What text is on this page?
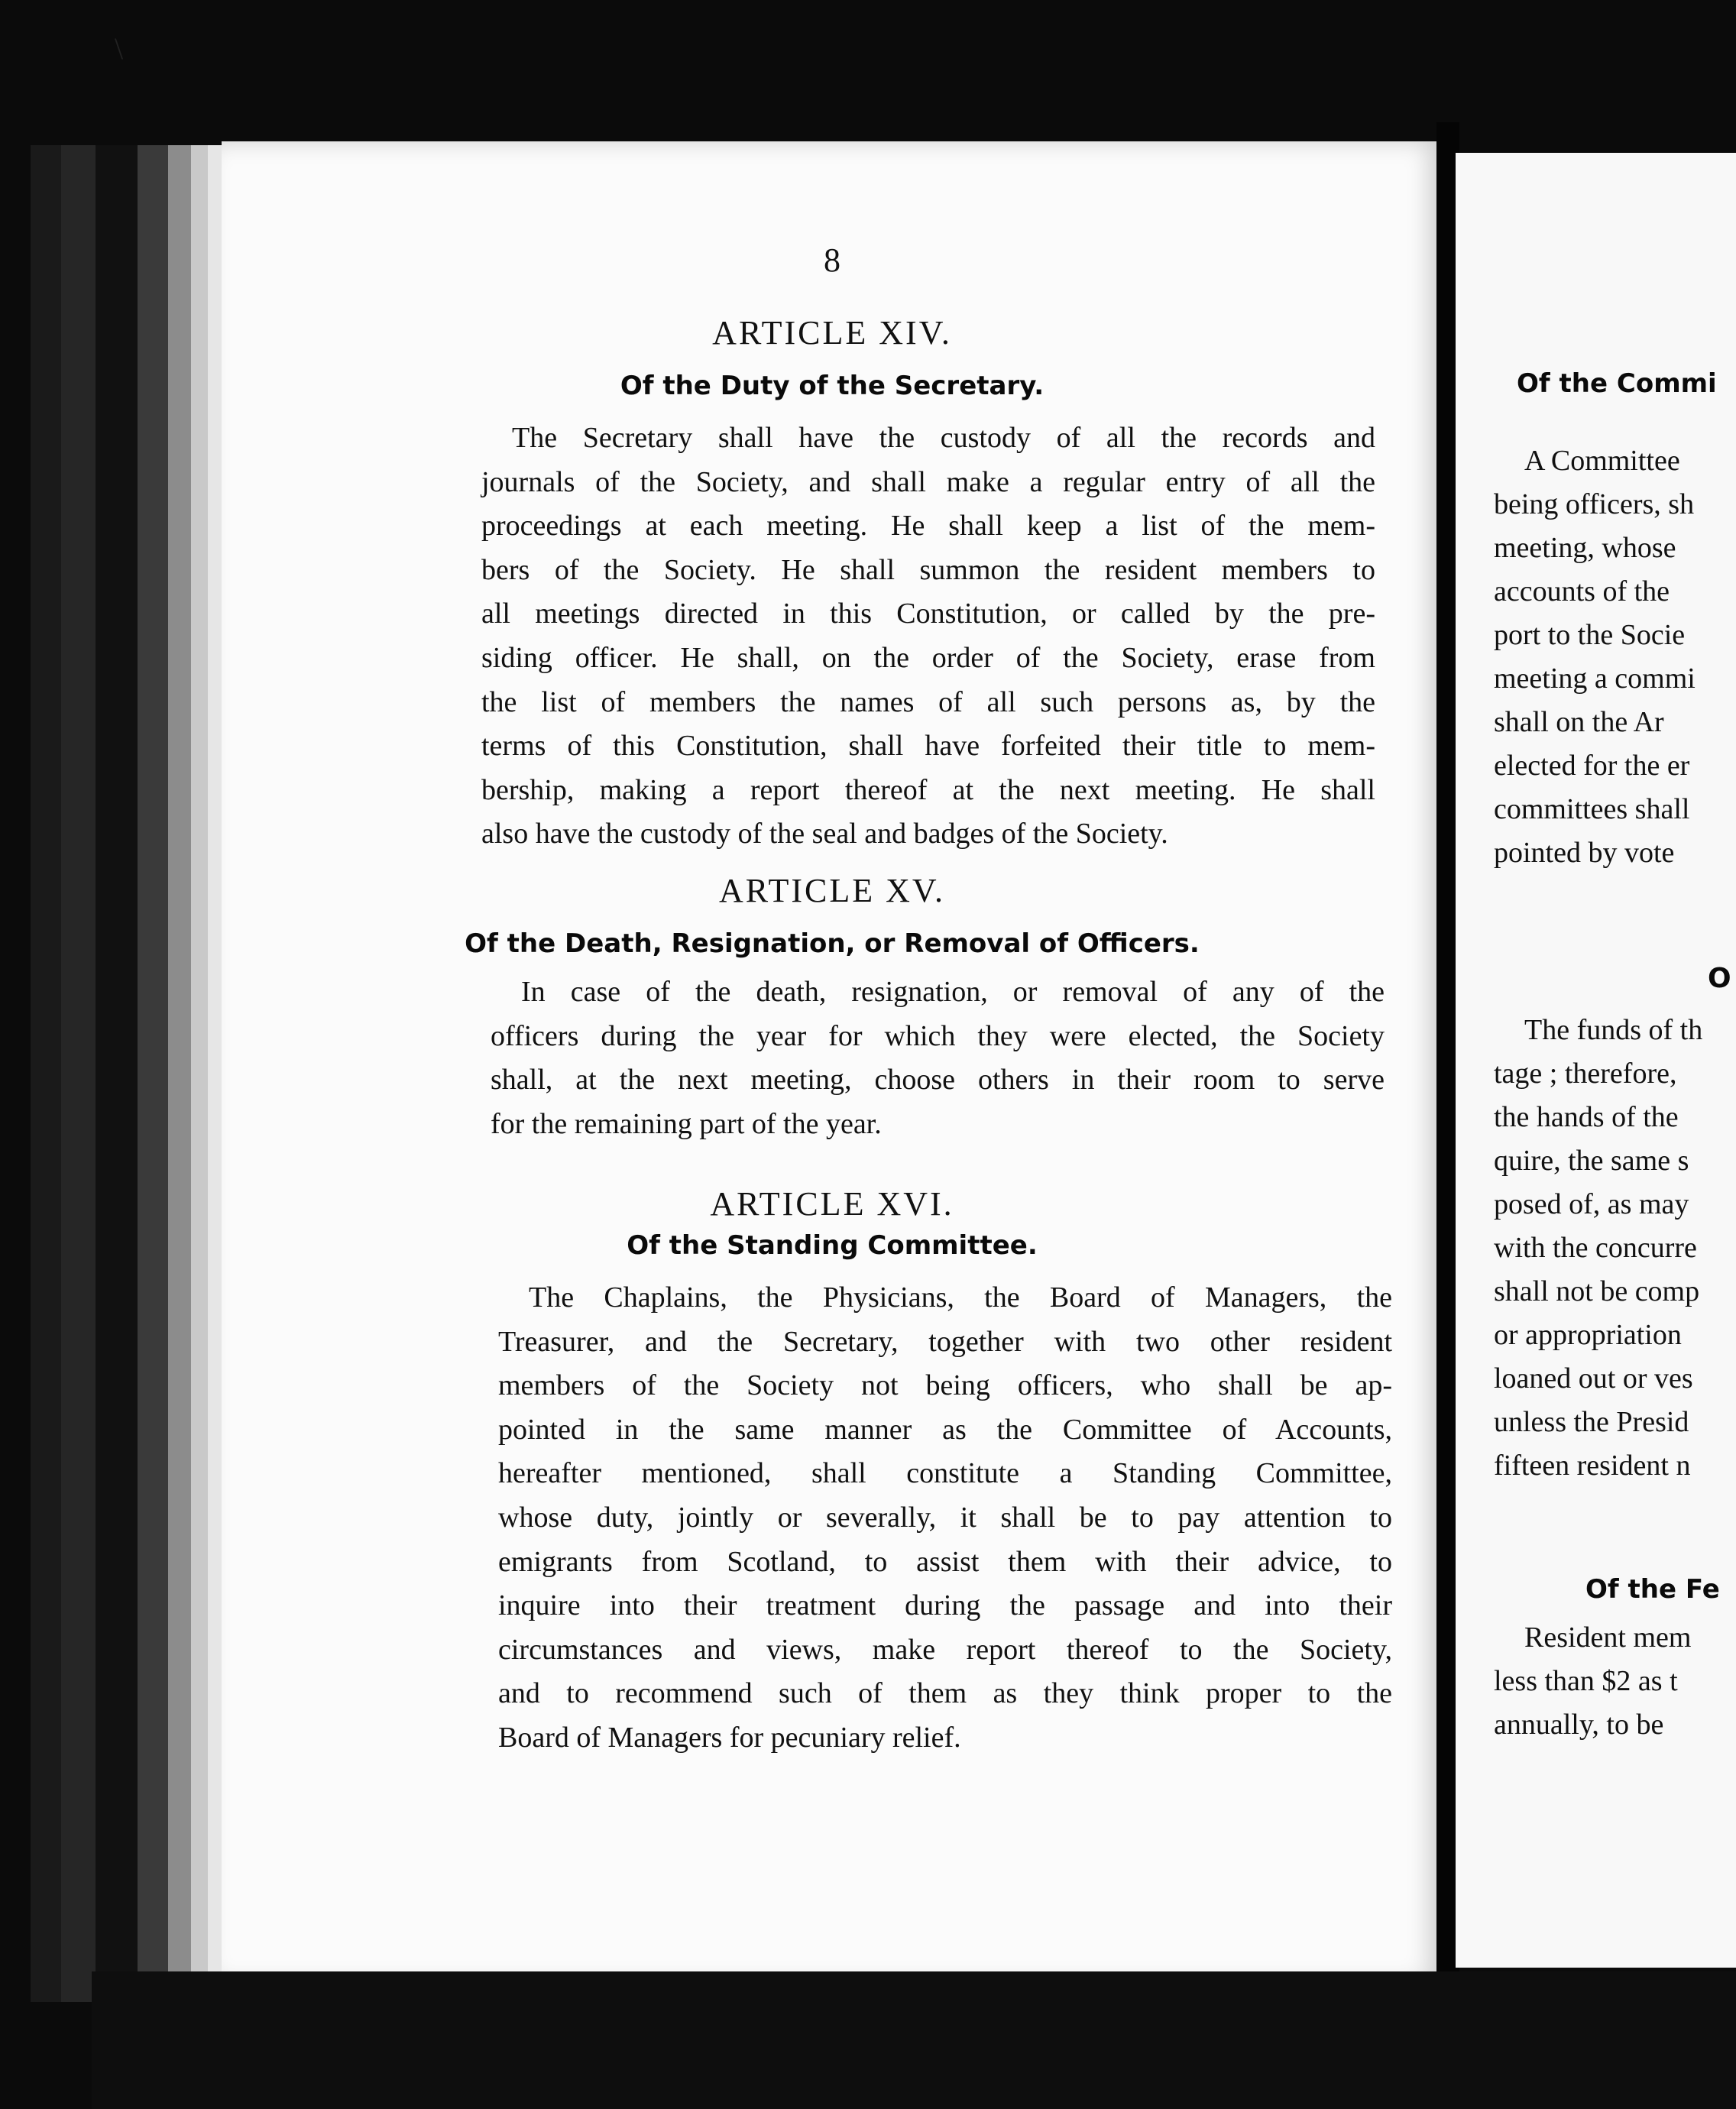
\
8
ARTICLE XIV.
Of the Duty of the Secretary.
The Secretary shall have the custody of all the records and
journals of the Society, and shall make a regular entry of all the
proceedings at each meeting. He shall keep a list of the mem-
bers of the Society. He shall summon the resident members to
all meetings directed in this Constitution, or called by the pre-
siding officer. He shall, on the order of the Society, erase from
the list of members the names of all such persons as, by the
terms of this Constitution, shall have forfeited their title to mem-
bership, making a report thereof at the next meeting. He shall
also have the custody of the seal and badges of the Society.
ARTICLE XV.
Of the Death, Resignation, or Removal of Officers.
In case of the death, resignation, or removal of any of the
officers during the year for which they were elected, the Society
shall, at the next meeting, choose others in their room to serve
for the remaining part of the year.
ARTICLE XVI.
Of the Standing Committee.
The Chaplains, the Physicians, the Board of Managers, the
Treasurer, and the Secretary, together with two other resident
members of the Society not being officers, who shall be ap-
pointed in the same manner as the Committee of Accounts,
hereafter mentioned, shall constitute a Standing Committee,
whose duty, jointly or severally, it shall be to pay attention to
emigrants from Scotland, to assist them with their advice, to
inquire into their treatment during the passage and into their
circumstances and views, make report thereof to the Society,
and to recommend such of them as they think proper to the
Board of Managers for pecuniary relief.
Of the Commi
A Committee
being officers, sh
meeting, whose
accounts of the
port to the Socie
meeting a commi
shall on the Ar
elected for the er
committees shall
pointed by vote
O
The funds of th
tage ; therefore,
the hands of the
quire, the same s
posed of, as may
with the concurre
shall not be comp
or appropriation
loaned out or ves
unless the Presid
fifteen resident n
Of the Fe
Resident mem
less than $2 as t
annually, to be
